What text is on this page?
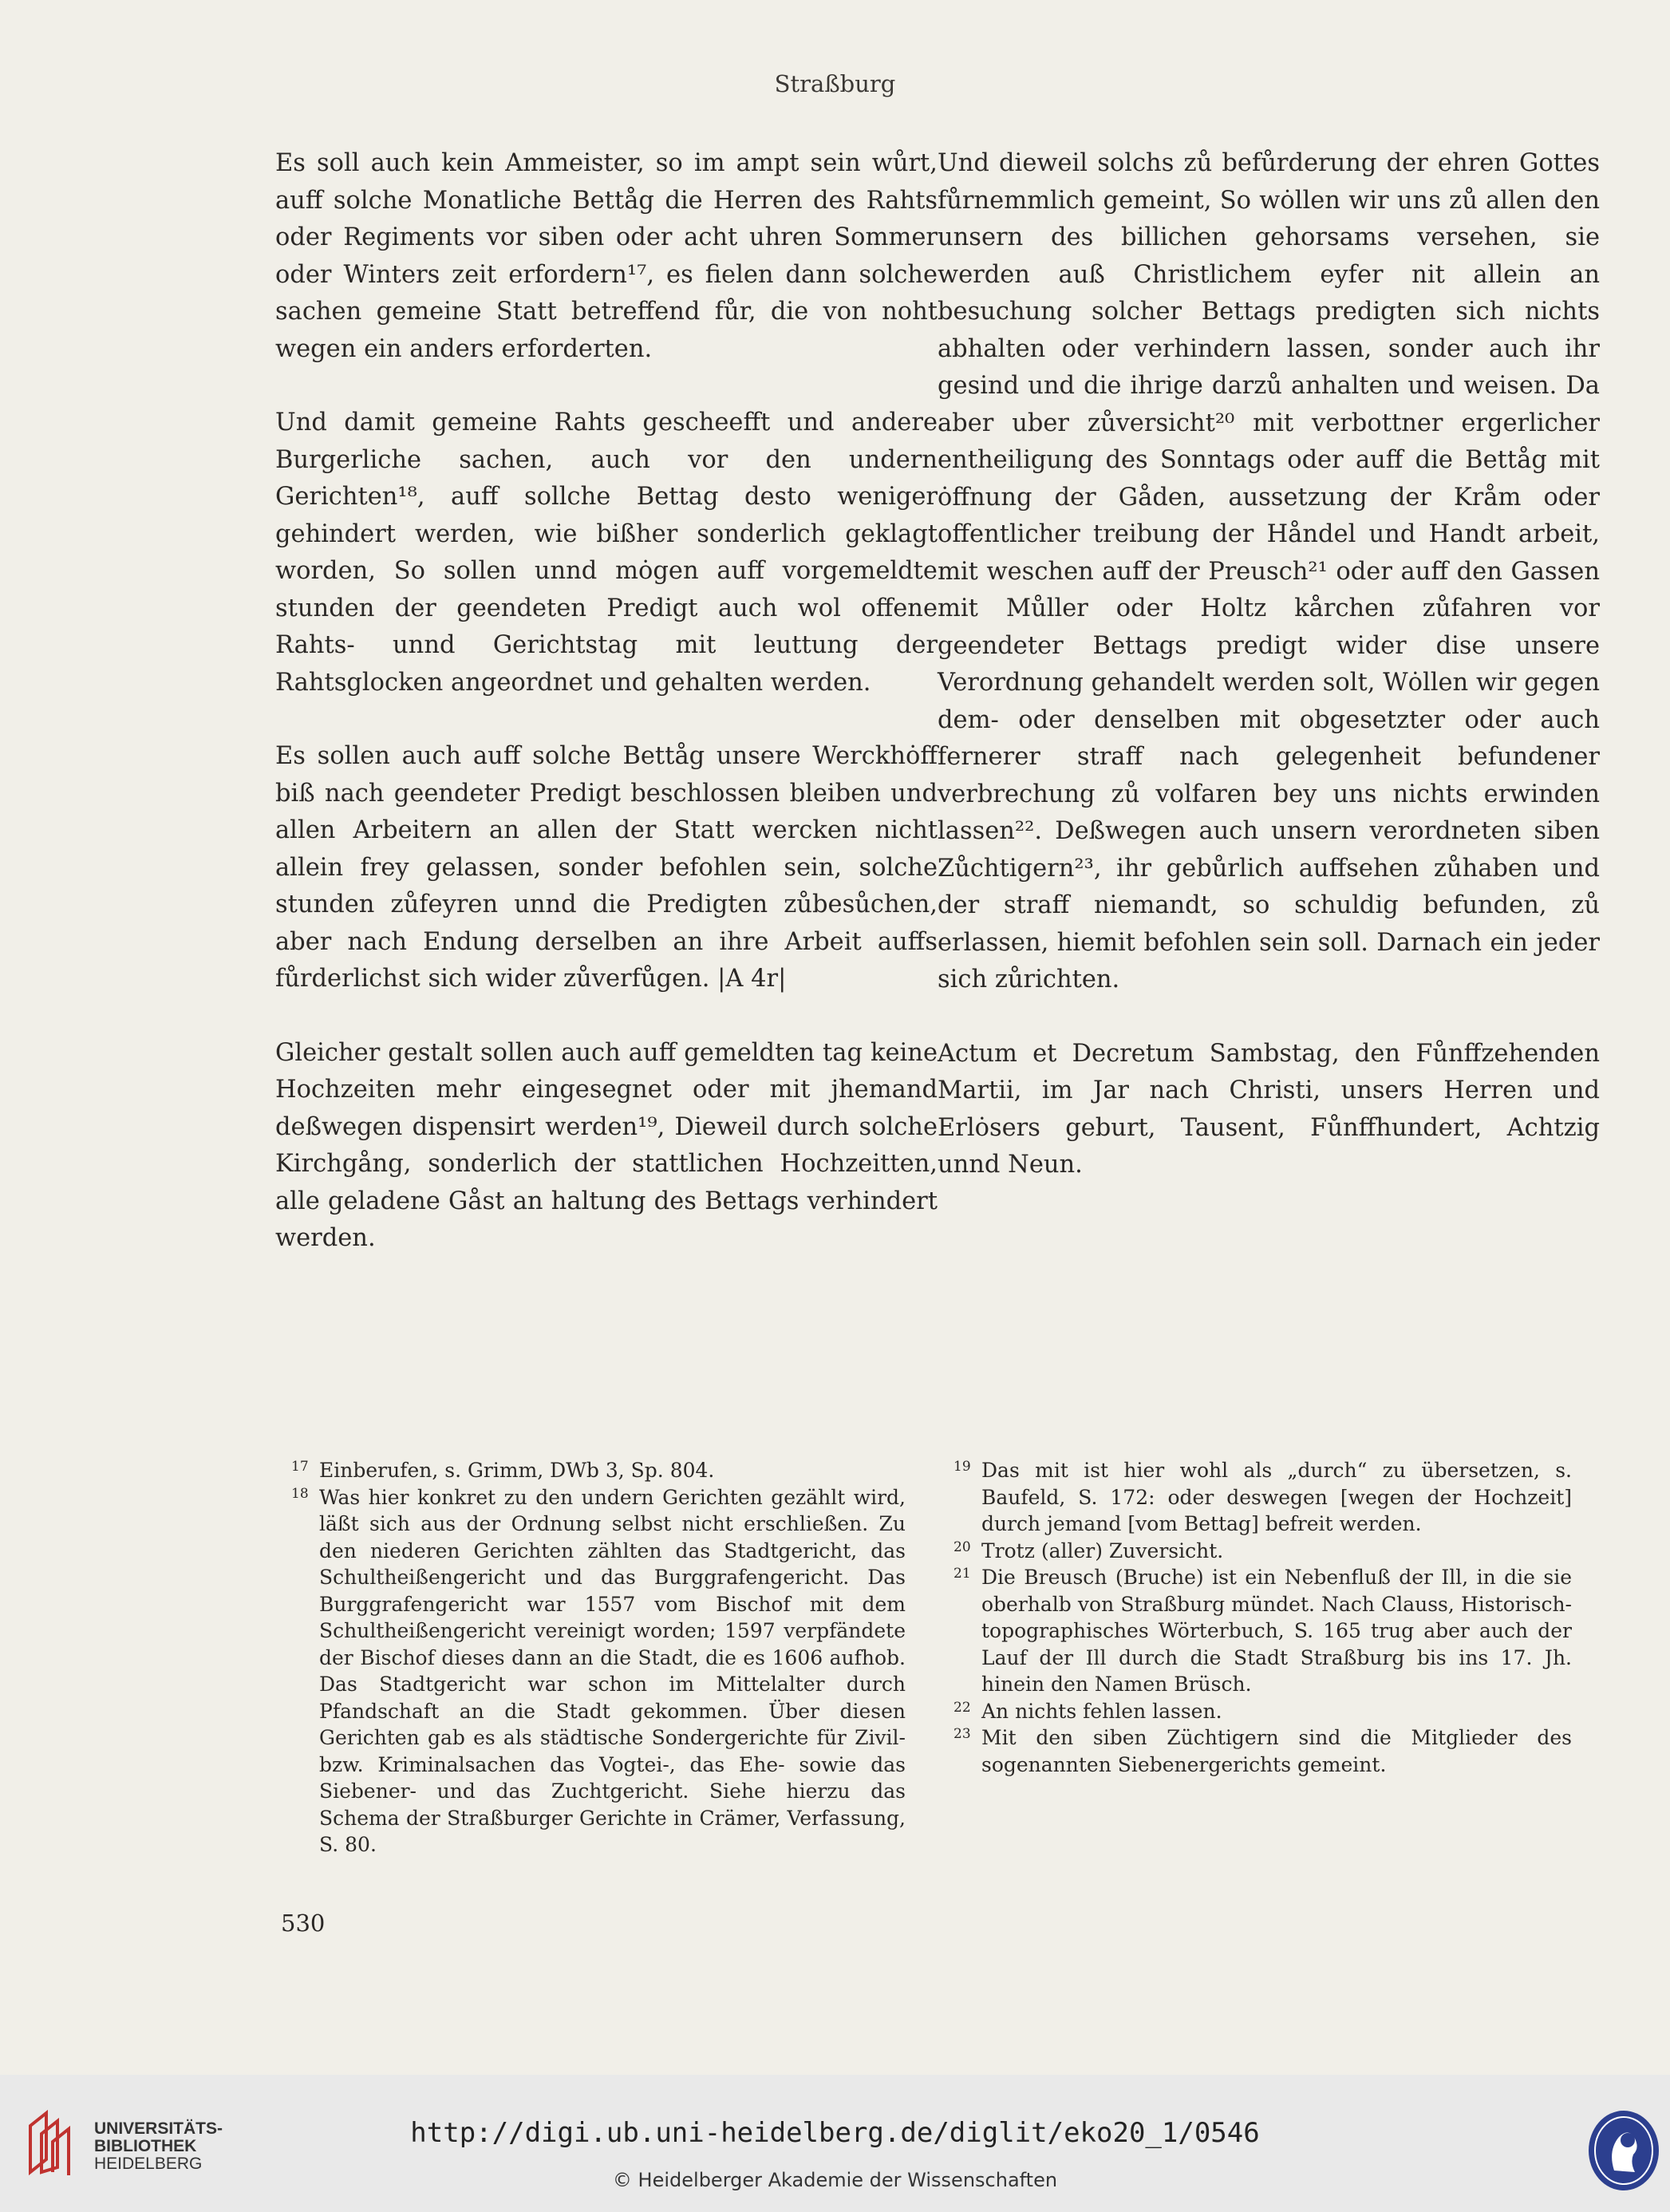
Straßburg

Es soll auch kein Ammeister, so im ampt sein wůrt, auff solche Monatliche Bettåg die Herren des Rahts oder Regiments vor siben oder acht uhren Sommer oder Winters zeit erfordern¹⁷, es fielen dann solche sachen gemeine Statt betreffend fůr, die von noht wegen ein anders erforderten.

Und damit gemeine Rahts gescheefft und andere Burgerliche sachen, auch vor den undern Gerichten¹⁸, auff sollche Bettag desto weniger gehindert werden, wie bißher sonderlich geklagt worden, So sollen unnd mȯgen auff vorgemeldte stunden der geendeten Predigt auch wol offene Rahts- unnd Gerichtstag mit leuttung der Rahtsglocken angeordnet und gehalten werden.

Es sollen auch auff solche Bettåg unsere Werckhȯff biß nach geendeter Predigt beschlossen bleiben und allen Arbeitern an allen der Statt wercken nicht allein frey gelassen, sonder befohlen sein, solche stunden zůfeyren unnd die Predigten zůbesůchen, aber nach Endung derselben an ihre Arbeit auffs fůrderlichst sich wider zůverfůgen. |A 4r|

Gleicher gestalt sollen auch auff gemeldten tag keine Hochzeiten mehr eingesegnet oder mit jhemand deßwegen dispensirt werden¹⁹, Dieweil durch solche Kirchgång, sonderlich der stattlichen Hochzeitten, alle geladene Gåst an haltung des Bettags verhindert werden.

Und dieweil solchs zů befůrderung der ehren Gottes fůrnemmlich gemeint, So wȯllen wir uns zů allen den unsern des billichen gehorsams versehen, sie werden auß Christlichem eyfer nit allein an besuchung solcher Bettags predigten sich nichts abhalten oder verhindern lassen, sonder auch ihr gesind und die ihrige darzů anhalten und weisen. Da aber uber zůversicht²⁰ mit verbottner ergerlicher entheiligung des Sonntags oder auff die Bettåg mit ȯffnung der Gåden, aussetzung der Kråm oder offentlicher treibung der Håndel und Handt arbeit, mit weschen auff der Preusch²¹ oder auff den Gassen mit Můller oder Holtz kårchen zůfahren vor geendeter Bettags predigt wider dise unsere Verordnung gehandelt werden solt, Wȯllen wir gegen dem- oder denselben mit obgesetzter oder auch fernerer straff nach gelegenheit befundener verbrechung zů volfaren bey uns nichts erwinden lassen²². Deßwegen auch unsern verordneten siben Zůchtigern²³, ihr gebůrlich auffsehen zůhaben und der straff niemandt, so schuldig befunden, zů erlassen, hiemit befohlen sein soll. Darnach ein jeder sich zůrichten.

Actum et Decretum Sambstag, den Fůnffzehenden Martii, im Jar nach Christi, unsers Herren und Erlȯsers geburt, Tausent, Fůnffhundert, Achtzig unnd Neun.

17 Einberufen, s. Grimm, DWb 3, Sp. 804.

18 Was hier konkret zu den undern Gerichten gezählt wird, läßt sich aus der Ordnung selbst nicht erschließen. Zu den niederen Gerichten zählten das Stadtgericht, das Schultheißengericht und das Burggrafengericht. Das Burggrafengericht war 1557 vom Bischof mit dem Schultheißengericht vereinigt worden; 1597 verpfändete der Bischof dieses dann an die Stadt, die es 1606 aufhob. Das Stadtgericht war schon im Mittelalter durch Pfandschaft an die Stadt gekommen. Über diesen Gerichten gab es als städtische Sondergerichte für Zivil- bzw. Kriminalsachen das Vogtei-, das Ehe- sowie das Siebener- und das Zuchtgericht. Siehe hierzu das Schema der Straßburger Gerichte in Crämer, Verfassung, S. 80.

19 Das mit ist hier wohl als „durch“ zu übersetzen, s. Baufeld, S. 172: oder deswegen [wegen der Hochzeit] durch jemand [vom Bettag] befreit werden.

20 Trotz (aller) Zuversicht.

21 Die Breusch (Bruche) ist ein Nebenfluß der Ill, in die sie oberhalb von Straßburg mündet. Nach Clauss, Historisch-topographisches Wörterbuch, S. 165 trug aber auch der Lauf der Ill durch die Stadt Straßburg bis ins 17. Jh. hinein den Namen Brüsch.

22 An nichts fehlen lassen.

23 Mit den siben Züchtigern sind die Mitglieder des sogenannten Siebenergerichts gemeint.

530
UNIVERSITÄTS-
BIBLIOTHEK
HEIDELBERG
http://digi.ub.uni-heidelberg.de/diglit/eko20_1/0546
© Heidelberger Akademie der Wissenschaften
